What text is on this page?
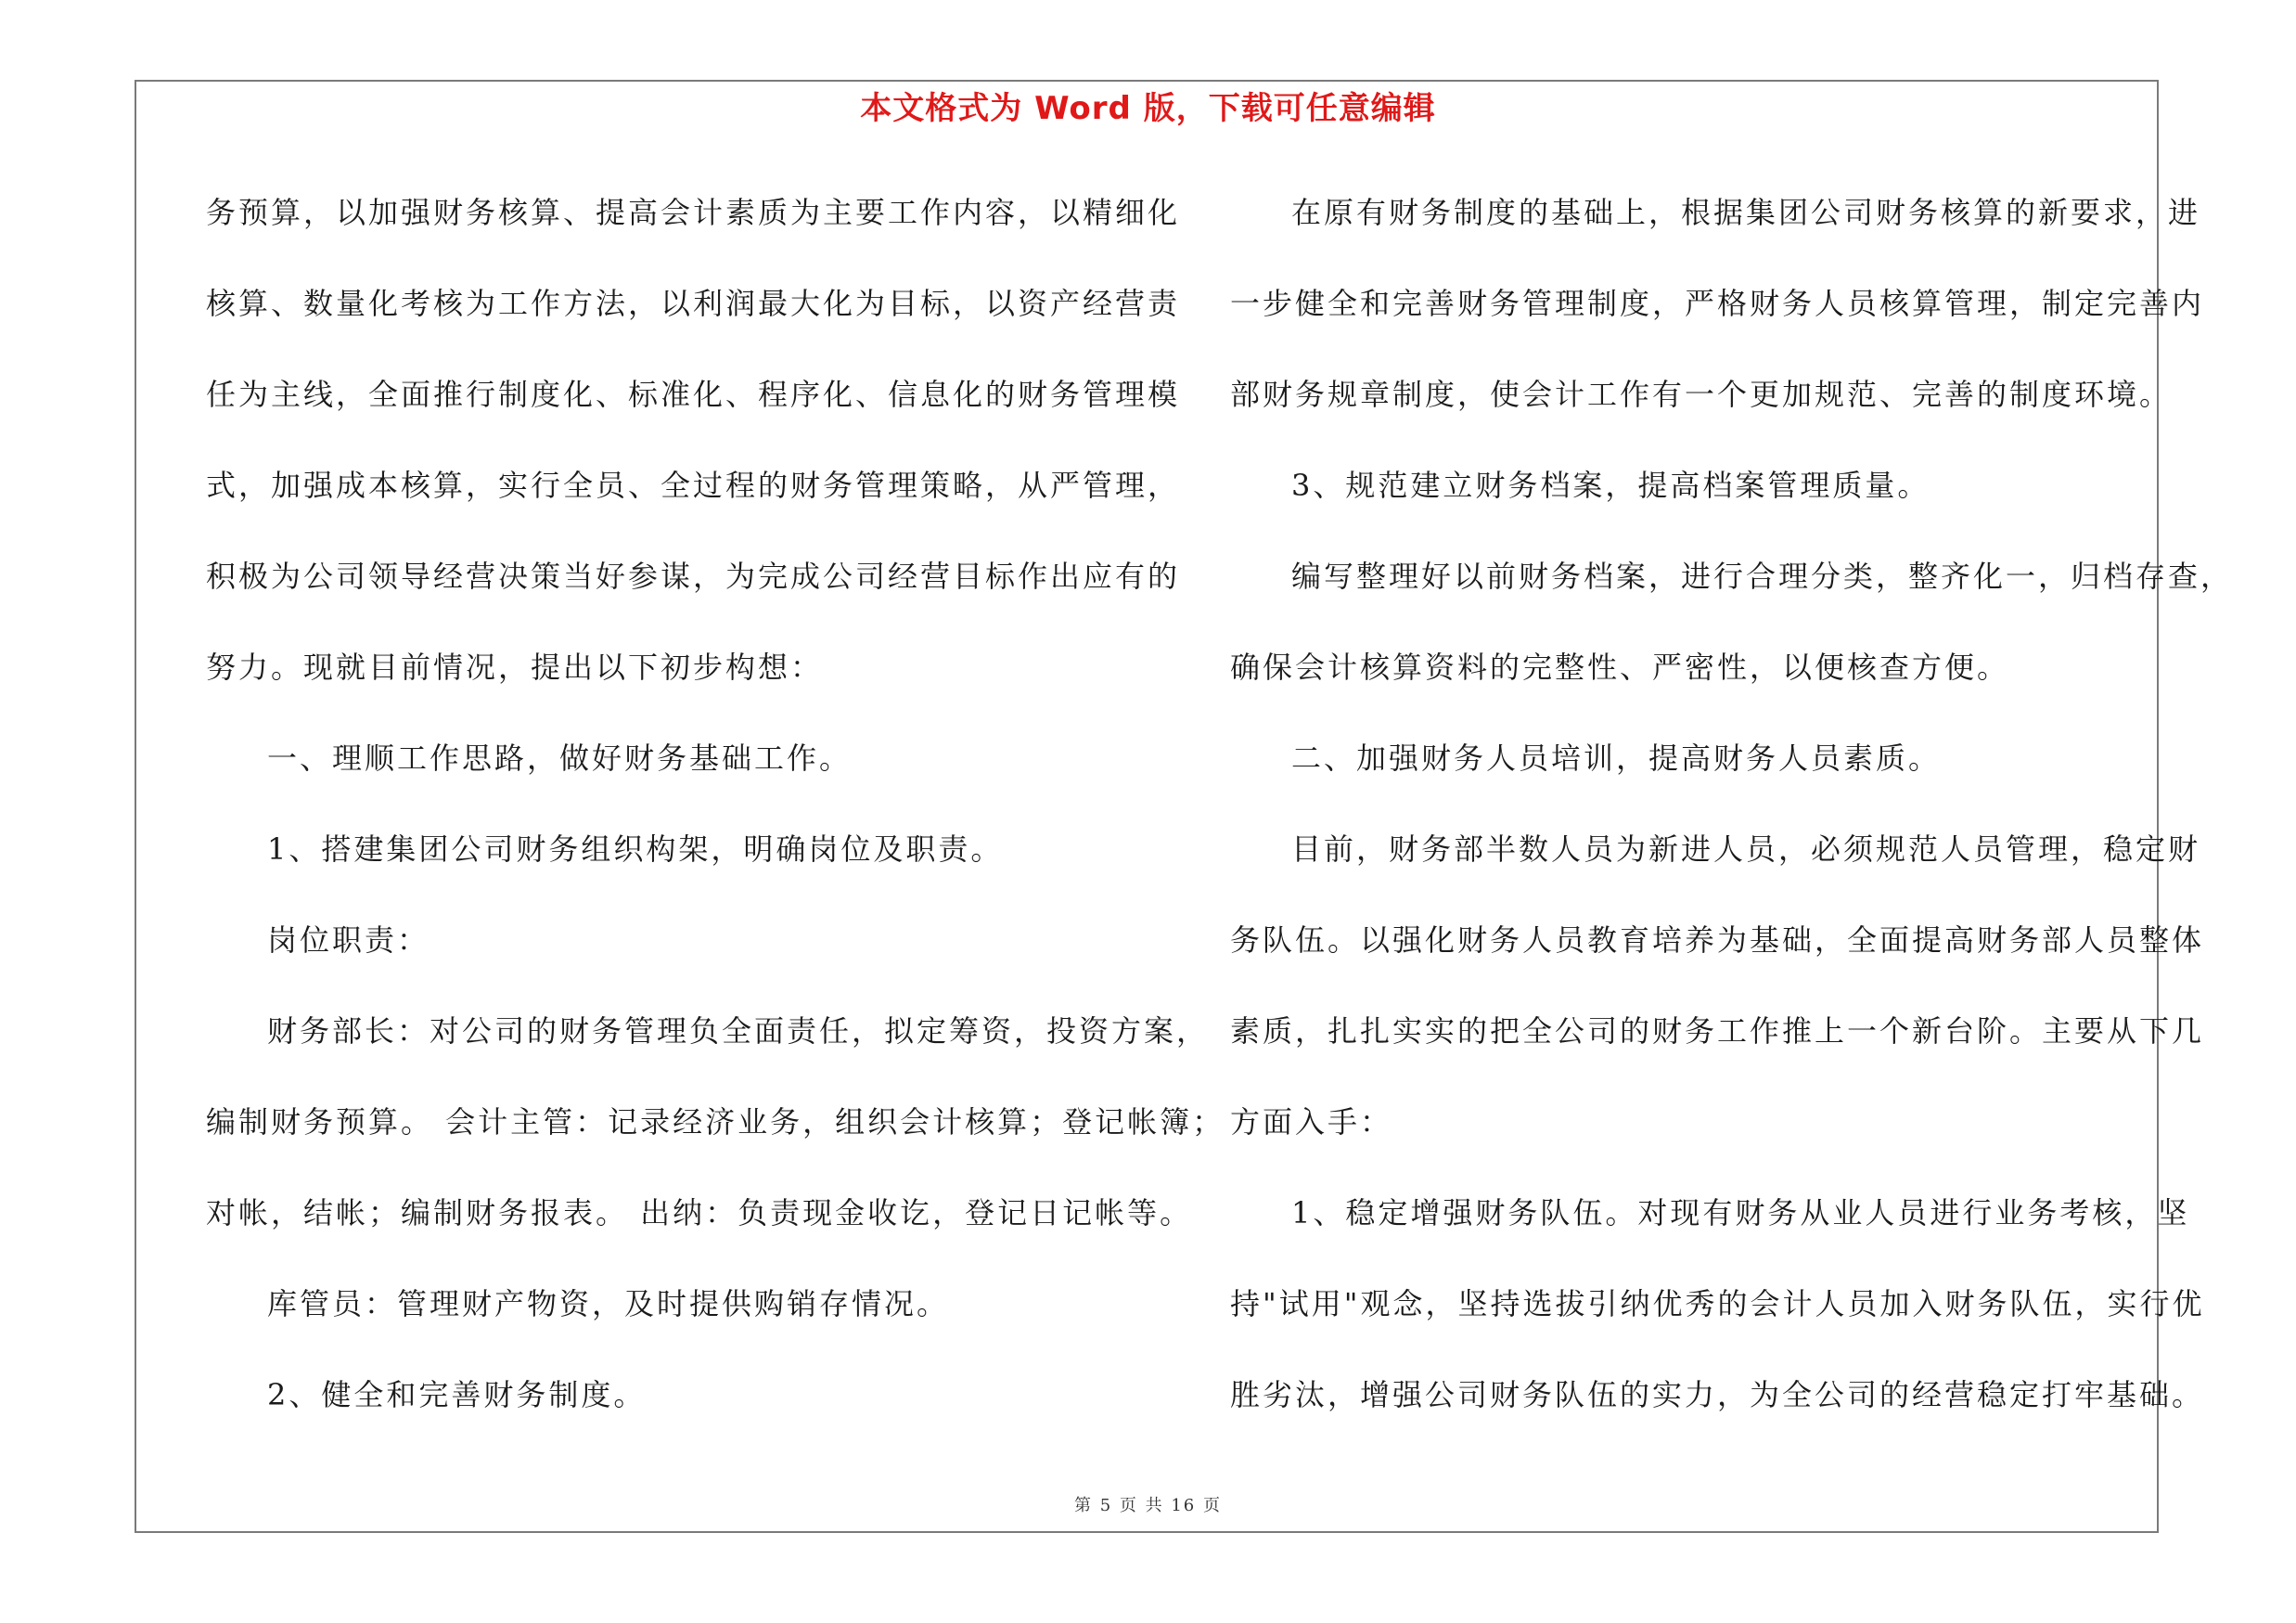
本文格式为 Word 版，下载可任意编辑
务预算，以加强财务核算、提高会计素质为主要工作内容，以精细化
核算、数量化考核为工作方法，以利润最大化为目标，以资产经营责
任为主线，全面推行制度化、标准化、程序化、信息化的财务管理模
式，加强成本核算，实行全员、全过程的财务管理策略，从严管理，
积极为公司领导经营决策当好参谋，为完成公司经营目标作出应有的
努力。现就目前情况，提出以下初步构想：
一、理顺工作思路，做好财务基础工作。
1、搭建集团公司财务组织构架，明确岗位及职责。
岗位职责：
财务部长：对公司的财务管理负全面责任，拟定筹资，投资方案，
编制财务预算。 会计主管：记录经济业务，组织会计核算；登记帐簿；
对帐，结帐；编制财务报表。 出纳：负责现金收讫，登记日记帐等。
库管员：管理财产物资，及时提供购销存情况。
2、健全和完善财务制度。
在原有财务制度的基础上，根据集团公司财务核算的新要求，进
一步健全和完善财务管理制度，严格财务人员核算管理，制定完善内
部财务规章制度，使会计工作有一个更加规范、完善的制度环境。
3、规范建立财务档案，提高档案管理质量。
编写整理好以前财务档案，进行合理分类，整齐化一，归档存查，
确保会计核算资料的完整性、严密性，以便核查方便。
二、加强财务人员培训，提高财务人员素质。
目前，财务部半数人员为新进人员，必须规范人员管理，稳定财
务队伍。以强化财务人员教育培养为基础，全面提高财务部人员整体
素质，扎扎实实的把全公司的财务工作推上一个新台阶。主要从下几
方面入手：
1、稳定增强财务队伍。对现有财务从业人员进行业务考核，坚
持"试用"观念，坚持选拔引纳优秀的会计人员加入财务队伍，实行优
胜劣汰，增强公司财务队伍的实力，为全公司的经营稳定打牢基础。
第 5 页 共 16 页
